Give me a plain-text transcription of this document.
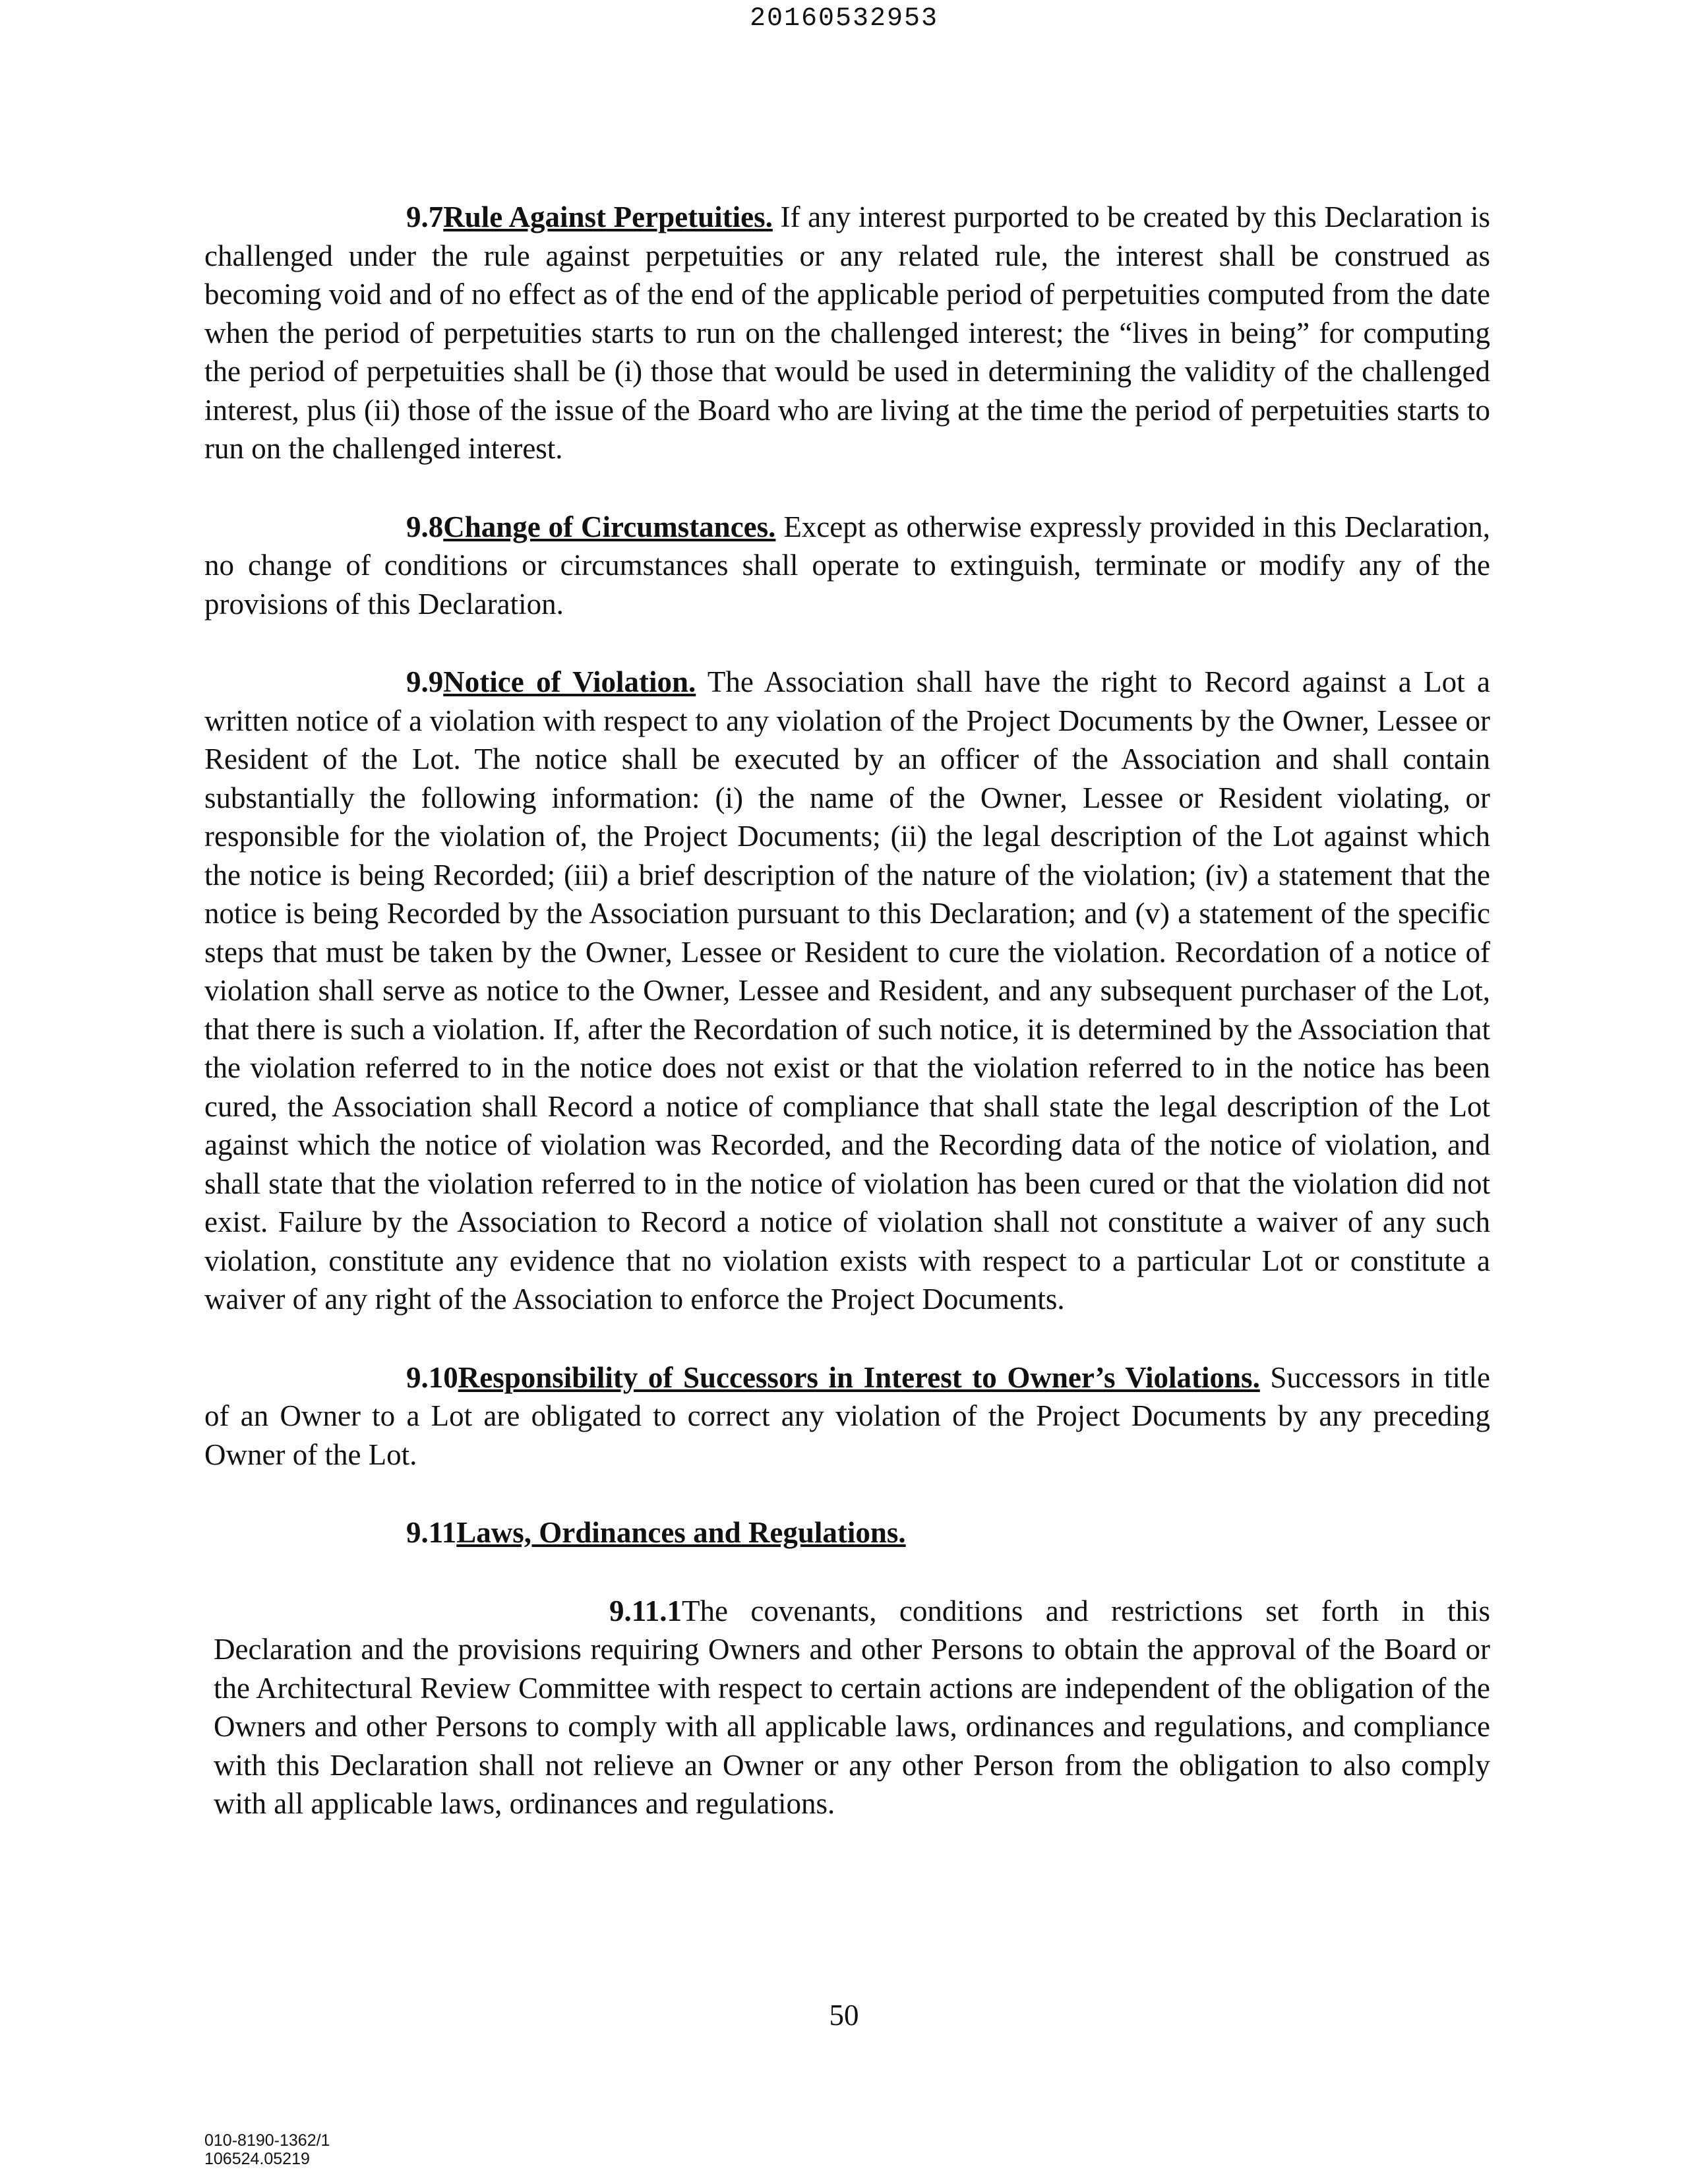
20160532953

9.7Rule Against Perpetuities. If any interest purported to be created by this Declaration is challenged under the rule against perpetuities or any related rule, the interest shall be construed as becoming void and of no effect as of the end of the applicable period of perpetuities computed from the date when the period of perpetuities starts to run on the challenged interest; the “lives in being” for computing the period of perpetuities shall be (i) those that would be used in determining the validity of the challenged interest, plus (ii) those of the issue of the Board who are living at the time the period of perpetuities starts to run on the challenged interest.

9.8Change of Circumstances. Except as otherwise expressly provided in this Declaration, no change of conditions or circumstances shall operate to extinguish, terminate or modify any of the provisions of this Declaration.

9.9Notice of Violation. The Association shall have the right to Record against a Lot a written notice of a violation with respect to any violation of the Project Documents by the Owner, Lessee or Resident of the Lot. The notice shall be executed by an officer of the Association and shall contain substantially the following information: (i) the name of the Owner, Lessee or Resident violating, or responsible for the violation of, the Project Documents; (ii) the legal description of the Lot against which the notice is being Recorded; (iii) a brief description of the nature of the violation; (iv) a statement that the notice is being Recorded by the Association pursuant to this Declaration; and (v) a statement of the specific steps that must be taken by the Owner, Lessee or Resident to cure the violation. Recordation of a notice of violation shall serve as notice to the Owner, Lessee and Resident, and any subsequent purchaser of the Lot, that there is such a violation. If, after the Recordation of such notice, it is determined by the Association that the violation referred to in the notice does not exist or that the violation referred to in the notice has been cured, the Association shall Record a notice of compliance that shall state the legal description of the Lot against which the notice of violation was Recorded, and the Recording data of the notice of violation, and shall state that the violation referred to in the notice of violation has been cured or that the violation did not exist. Failure by the Association to Record a notice of violation shall not constitute a waiver of any such violation, constitute any evidence that no violation exists with respect to a particular Lot or constitute a waiver of any right of the Association to enforce the Project Documents.

9.10Responsibility of Successors in Interest to Owner’s Violations. Successors in title of an Owner to a Lot are obligated to correct any violation of the Project Documents by any preceding Owner of the Lot.

9.11Laws, Ordinances and Regulations.

9.11.1The covenants, conditions and restrictions set forth in this Declaration and the provisions requiring Owners and other Persons to obtain the approval of the Board or the Architectural Review Committee with respect to certain actions are independent of the obligation of the Owners and other Persons to comply with all applicable laws, ordinances and regulations, and compliance with this Declaration shall not relieve an Owner or any other Person from the obligation to also comply with all applicable laws, ordinances and regulations.

50
010-8190-1362/1
106524.05219
